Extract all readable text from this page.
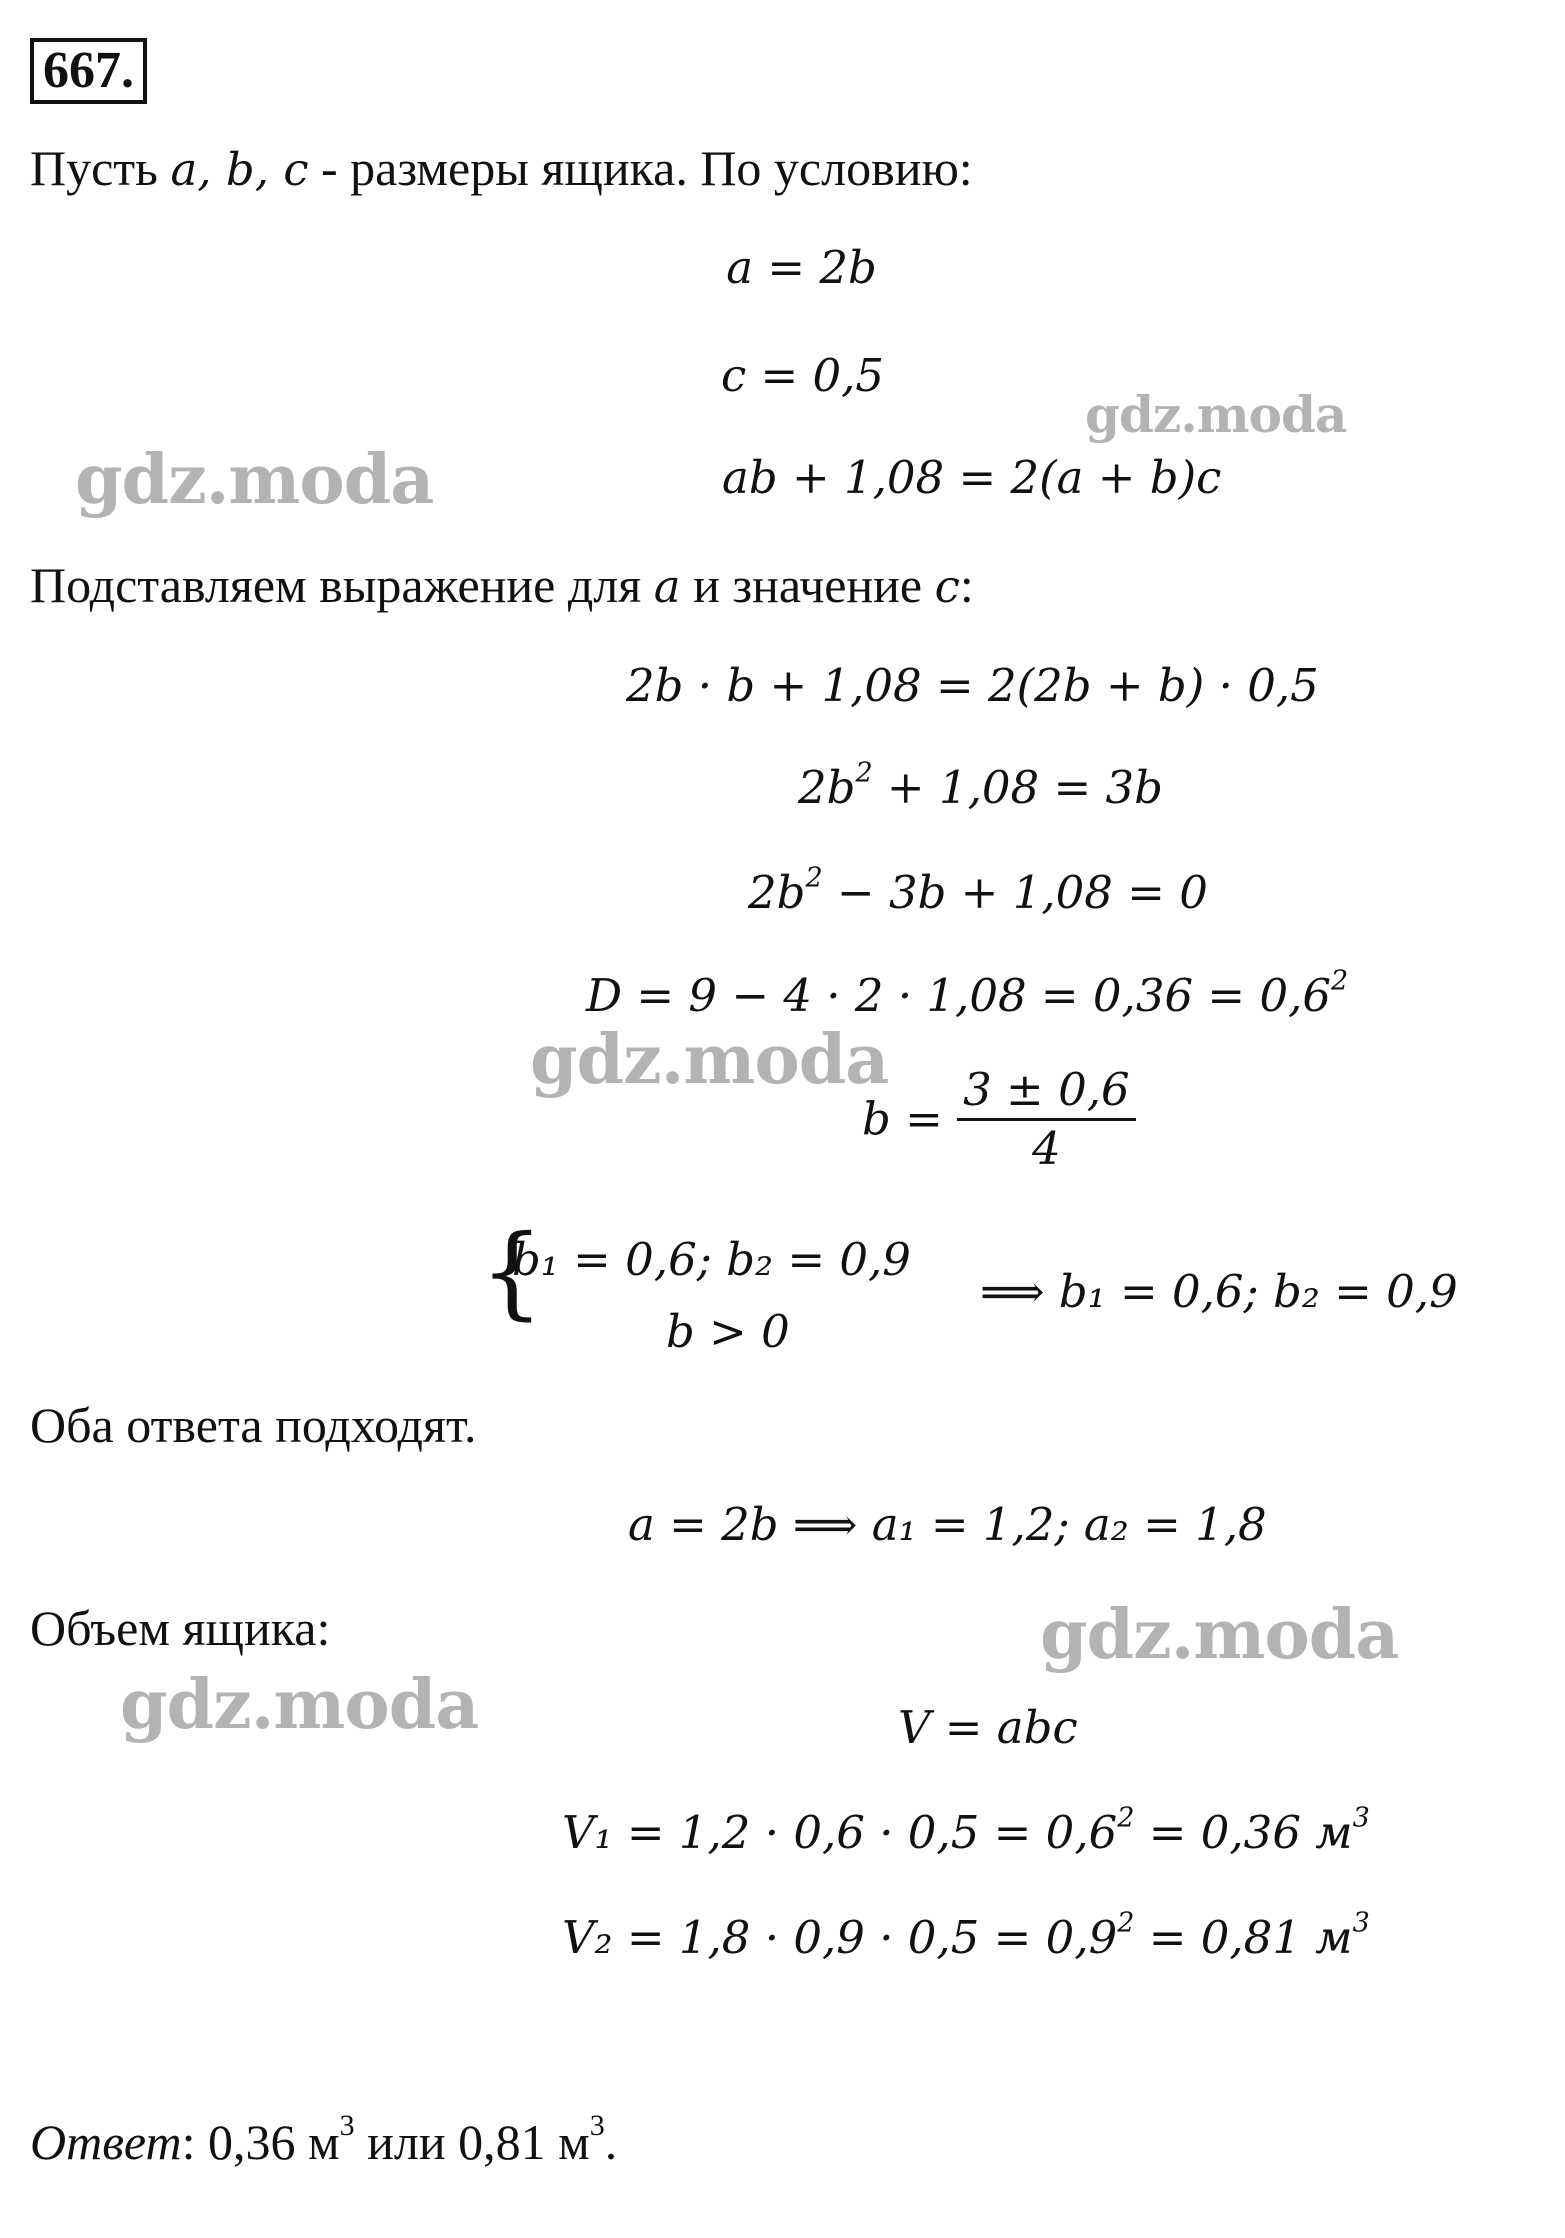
667.
Пусть a, b, c - размеры ящика. По условию:
a = 2b
c = 0,5
ab + 1,08 = 2(a + b)c
Подставляем выражение для a и значение c:
2b · b + 1,08 = 2(2b + b) · 0,5
$2b^2 + 1,08 = 3b$
$2b^2 - 3b + 1,08 = 0$
$D = 9 - 4 \cdot 2 \cdot 1,08 = 0,36 = 0,6^2$
$b = \frac{3 \pm 0,6}{4}$
{
b₁ = 0,6; b₂ = 0,9
b > 0
⟹ b₁ = 0,6; b₂ = 0,9
Оба ответа подходят.
a = 2b ⟹ a₁ = 1,2; a₂ = 1,8
Объем ящика:
V = abc
$V_1 = 1,2 \cdot 0,6 \cdot 0,5 = 0,6^2 = 0,36$ $м^3$
$V_2 = 1,8 \cdot 0,9 \cdot 0,5 = 0,9^2 = 0,81$ $м^3$
Ответ: 0,36 $м^3$ или 0,81 $м^3$.
gdz.moda
gdz.moda
gdz.moda
gdz.moda
gdz.moda
